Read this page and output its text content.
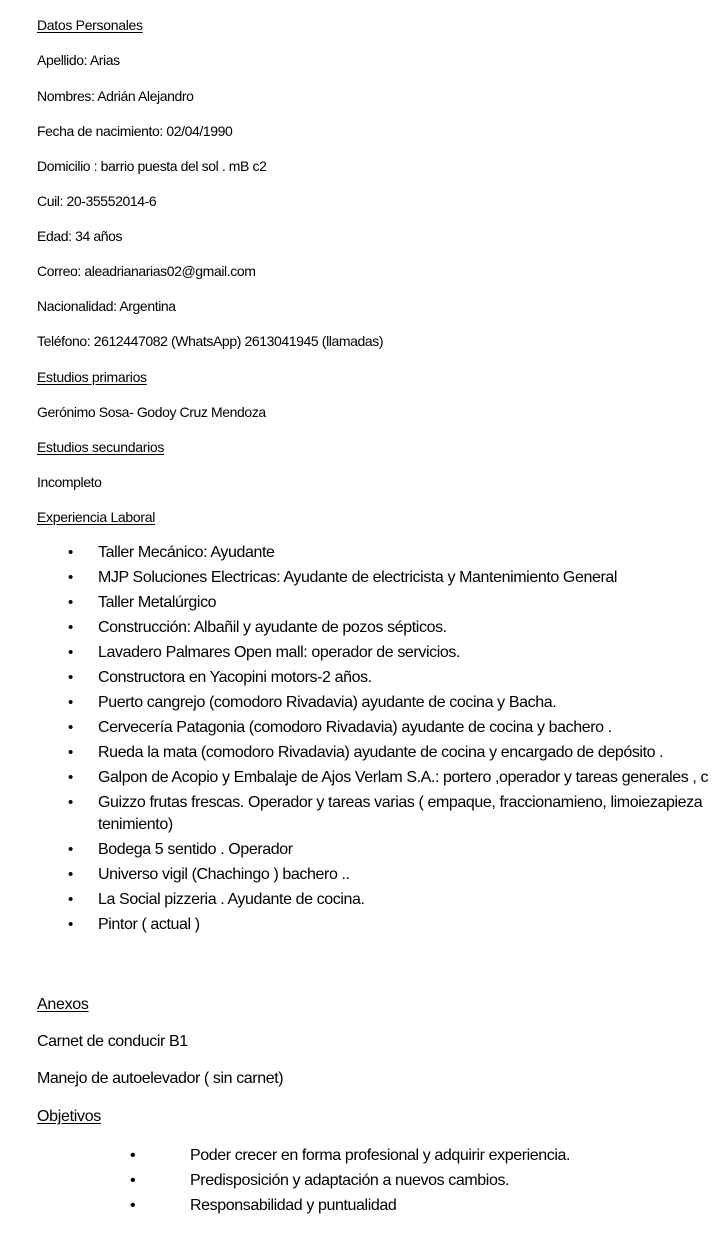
Datos Personales
Apellido: Arias
Nombres: Adrián Alejandro
Fecha de nacimiento: 02/04/1990
Domicilio : barrio puesta del sol . mB c2
Cuil: 20-35552014-6
Edad: 34 años
Correo: aleadrianarias02@gmail.com
Nacionalidad: Argentina
Teléfono: 2612447082 (WhatsApp) 2613041945 (llamadas)
Estudios primarios
Gerónimo Sosa- Godoy Cruz Mendoza
Estudios secundarios
Incompleto
Experiencia Laboral
• Taller Mecánico: Ayudante
• MJP Soluciones Electricas: Ayudante de electricista y Mantenimiento General
• Taller Metalúrgico
• Construcción: Albañil y ayudante de pozos sépticos.
• Lavadero Palmares Open mall: operador de servicios.
• Constructora en Yacopini motors-2 años.
• Puerto cangrejo (comodoro Rivadavia) ayudante de cocina y Bacha.
• Cervecería Patagonia (comodoro Rivadavia) ayudante de cocina y bachero .
• Rueda la mata (comodoro Rivadavia) ayudante de cocina y encargado de depósito .
• Galpon de Acopio y Embalaje de Ajos Verlam S.A.: portero ,operador y tareas generales , c
• Guizzo frutas frescas. Operador y tareas varias ( empaque, fraccionamieno, limoiezapieza
tenimiento)
• Bodega 5 sentido . Operador
• Universo vigil (Chachingo ) bachero ..
• La Social pizzeria . Ayudante de cocina.
• Pintor ( actual )
Anexos
Carnet de conducir B1
Manejo de autoelevador ( sin carnet)
Objetivos
•	Poder crecer en forma profesional y adquirir experiencia.
•	Predisposición y adaptación a nuevos cambios.
•	Responsabilidad y puntualidad
